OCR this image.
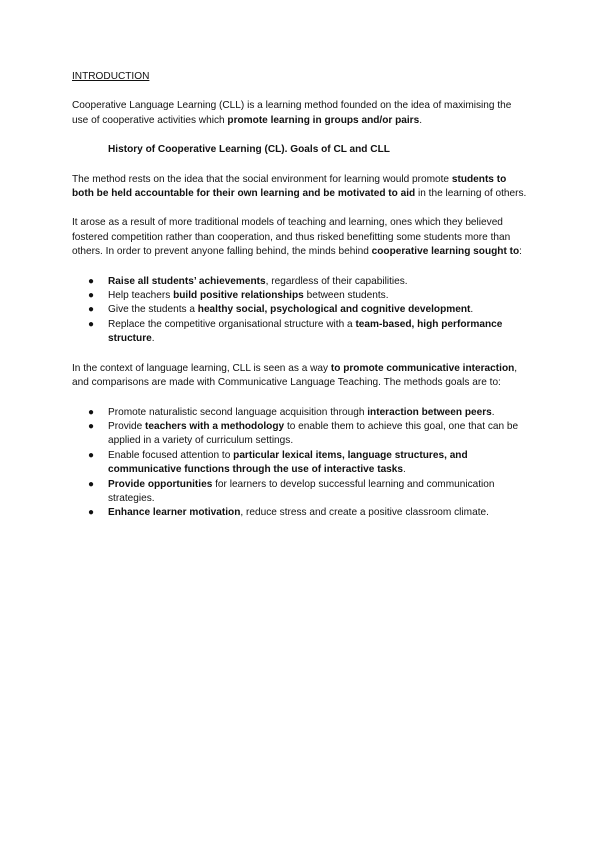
INTRODUCTION

Cooperative Language Learning (CLL) is a learning method founded on the idea of maximising the use of cooperative activities which promote learning in groups and/or pairs.

History of Cooperative Learning (CL). Goals of CL and CLL

The method rests on the idea that the social environment for learning would promote students to both be held accountable for their own learning and be motivated to aid in the learning of others.

It arose as a result of more traditional models of teaching and learning, ones which they believed fostered competition rather than cooperation, and thus risked benefitting some students more than others. In order to prevent anyone falling behind, the minds behind cooperative learning sought to:

● Raise all students’ achievements, regardless of their capabilities.
● Help teachers build positive relationships between students.
● Give the students a healthy social, psychological and cognitive development.
● Replace the competitive organisational structure with a team-based, high performance structure.

In the context of language learning, CLL is seen as a way to promote communicative interaction, and comparisons are made with Communicative Language Teaching. The methods goals are to:

● Promote naturalistic second language acquisition through interaction between peers.
● Provide teachers with a methodology to enable them to achieve this goal, one that can be applied in a variety of curriculum settings.
● Enable focused attention to particular lexical items, language structures, and communicative functions through the use of interactive tasks.
● Provide opportunities for learners to develop successful learning and communication strategies.
● Enhance learner motivation, reduce stress and create a positive classroom climate.
